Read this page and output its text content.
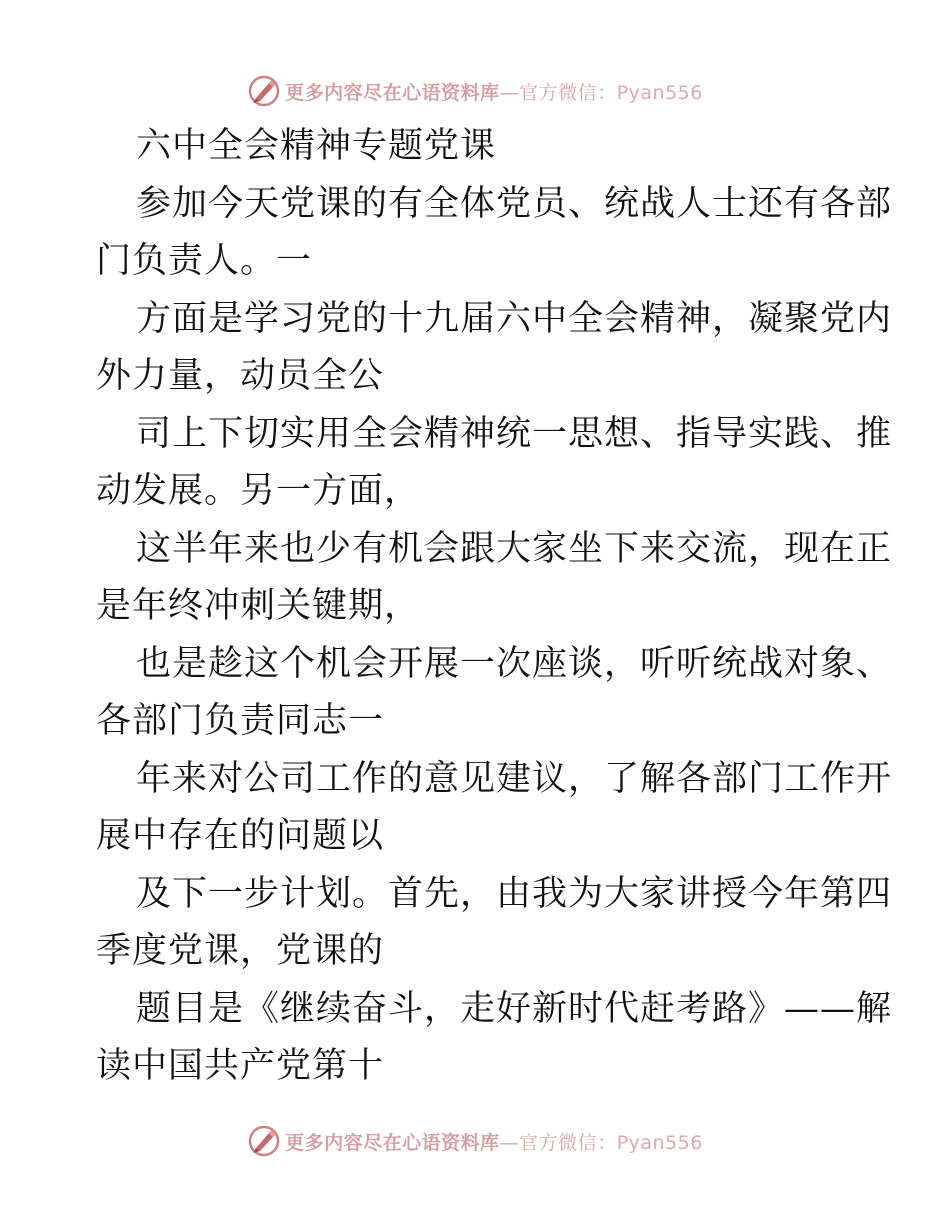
更多内容尽在心语资料库—官方微信：Pyan556
六中全会精神专题党课
参加今天党课的有全体党员、统战人士还有各部
门负责人。一
方面是学习党的十九届六中全会精神，凝聚党内
外力量，动员全公
司上下切实用全会精神统一思想、指导实践、推
动发展。另一方面，
这半年来也少有机会跟大家坐下来交流，现在正
是年终冲刺关键期，
也是趁这个机会开展一次座谈，听听统战对象、
各部门负责同志一
年来对公司工作的意见建议，了解各部门工作开
展中存在的问题以
及下一步计划。首先，由我为大家讲授今年第四
季度党课，党课的
题目是《继续奋斗，走好新时代赶考路》——解
读中国共产党第十
更多内容尽在心语资料库—官方微信：Pyan556
